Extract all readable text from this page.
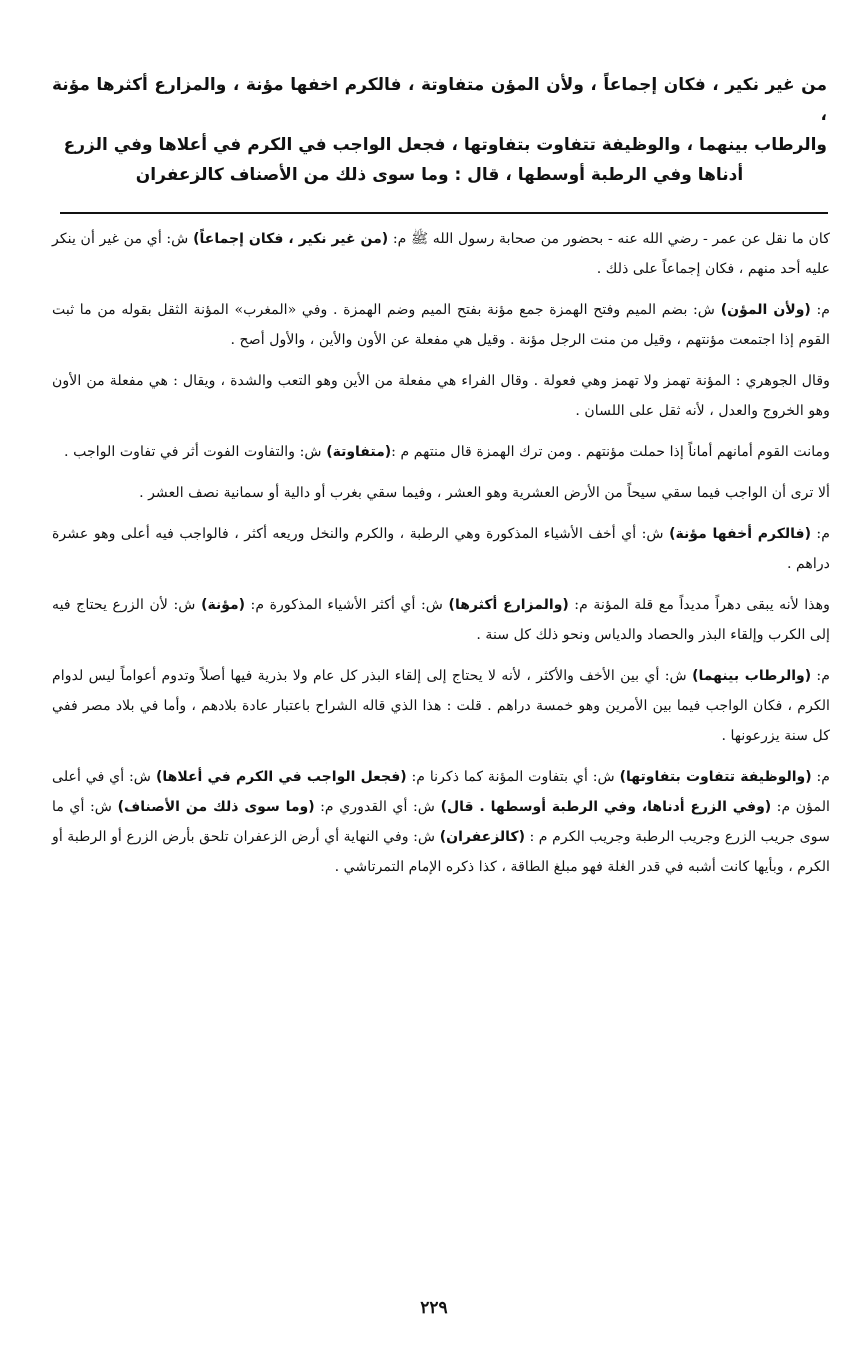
من غير نكير ، فكان إجماعاً ، ولأن المؤن متفاوتة ، فالكرم اخفها مؤنة ، والمزارع أكثرها مؤنة ،

والرطاب بينهما ، والوظيفة تتفاوت بتفاوتها ، فجعل الواجب في الكرم في أعلاها وفي الزرع

أدناها وفي الرطبة أوسطها ، قال : وما سوى ذلك من الأصناف كالزعفران

كان ما نقل عن عمر - رضي الله عنه - بحضور من صحابة رسول الله ﷺ م: (من غير نكير ، فكان إجماعاً) ش: أي من غير أن ينكر عليه أحد منهم ، فكان إجماعاً على ذلك .

م: (ولأن المؤن) ش: بضم الميم وفتح الهمزة جمع مؤنة بفتح الميم وضم الهمزة . وفي «المغرب» المؤنة الثقل بقوله من ما ثبت القوم إذا اجتمعت مؤنتهم ، وقيل من منت الرجل مؤنة . وقيل هي مفعلة عن الأون والأين ، والأول أصح .

وقال الجوهري : المؤنة تهمز ولا تهمز وهي فعولة . وقال الفراء هي مفعلة من الأين وهو التعب والشدة ، ويقال : هي مفعلة من الأون وهو الخروج والعدل ، لأنه ثقل على اللسان .

ومانت القوم أمانهم أماناً إذا حملت مؤنتهم . ومن ترك الهمزة قال منتهم م :(متفاوتة) ش: والتفاوت الفوت أثر في تفاوت الواجب .

ألا ترى أن الواجب فيما سقي سيحاً من الأرض العشرية وهو العشر ، وفيما سقي بغرب أو دالية أو سمانية نصف العشر .

م: (فالكرم أخفها مؤنة) ش: أي أخف الأشياء المذكورة وهي الرطبة ، والكرم والنخل وريعه أكثر ، فالواجب فيه أعلى وهو عشرة دراهم .

وهذا لأنه يبقى دهراً مديداً مع قلة المؤنة م: (والمزارع أكثرها) ش: أي أكثر الأشياء المذكورة م: (مؤنة) ش: لأن الزرع يحتاج فيه إلى الكرب وإلقاء البذر والحصاد والدياس ونحو ذلك كل سنة .

م: (والرطاب بينهما) ش: أي بين الأخف والأكثر ، لأنه لا يحتاج إلى إلقاء البذر كل عام ولا بذرية فيها أصلاً وتدوم أعواماً ليس لدوام الكرم ، فكان الواجب فيما بين الأمرين وهو خمسة دراهم . قلت : هذا الذي قاله الشراح باعتبار عادة بلادهم ، وأما في بلاد مصر ففي كل سنة يزرعونها .

م: (والوظيفة تتفاوت بتفاوتها) ش: أي بتفاوت المؤنة كما ذكرنا م: (فجعل الواجب في الكرم في أعلاها) ش: أي في أعلى المؤن م: (وفي الزرع أدناها، وفي الرطبة أوسطها . قال) ش: أي القدوري م: (وما سوى ذلك من الأصناف) ش: أي ما سوى جريب الزرع وجريب الرطبة وجريب الكرم م : (كالزعفران) ش: وفي النهاية أي أرض الزعفران تلحق بأرض الزرع أو الرطبة أو الكرم ، وبأيها كانت أشبه في قدر الغلة فهو مبلغ الطاقة ، كذا ذكره الإمام التمرتاشي .

٢٢٩
